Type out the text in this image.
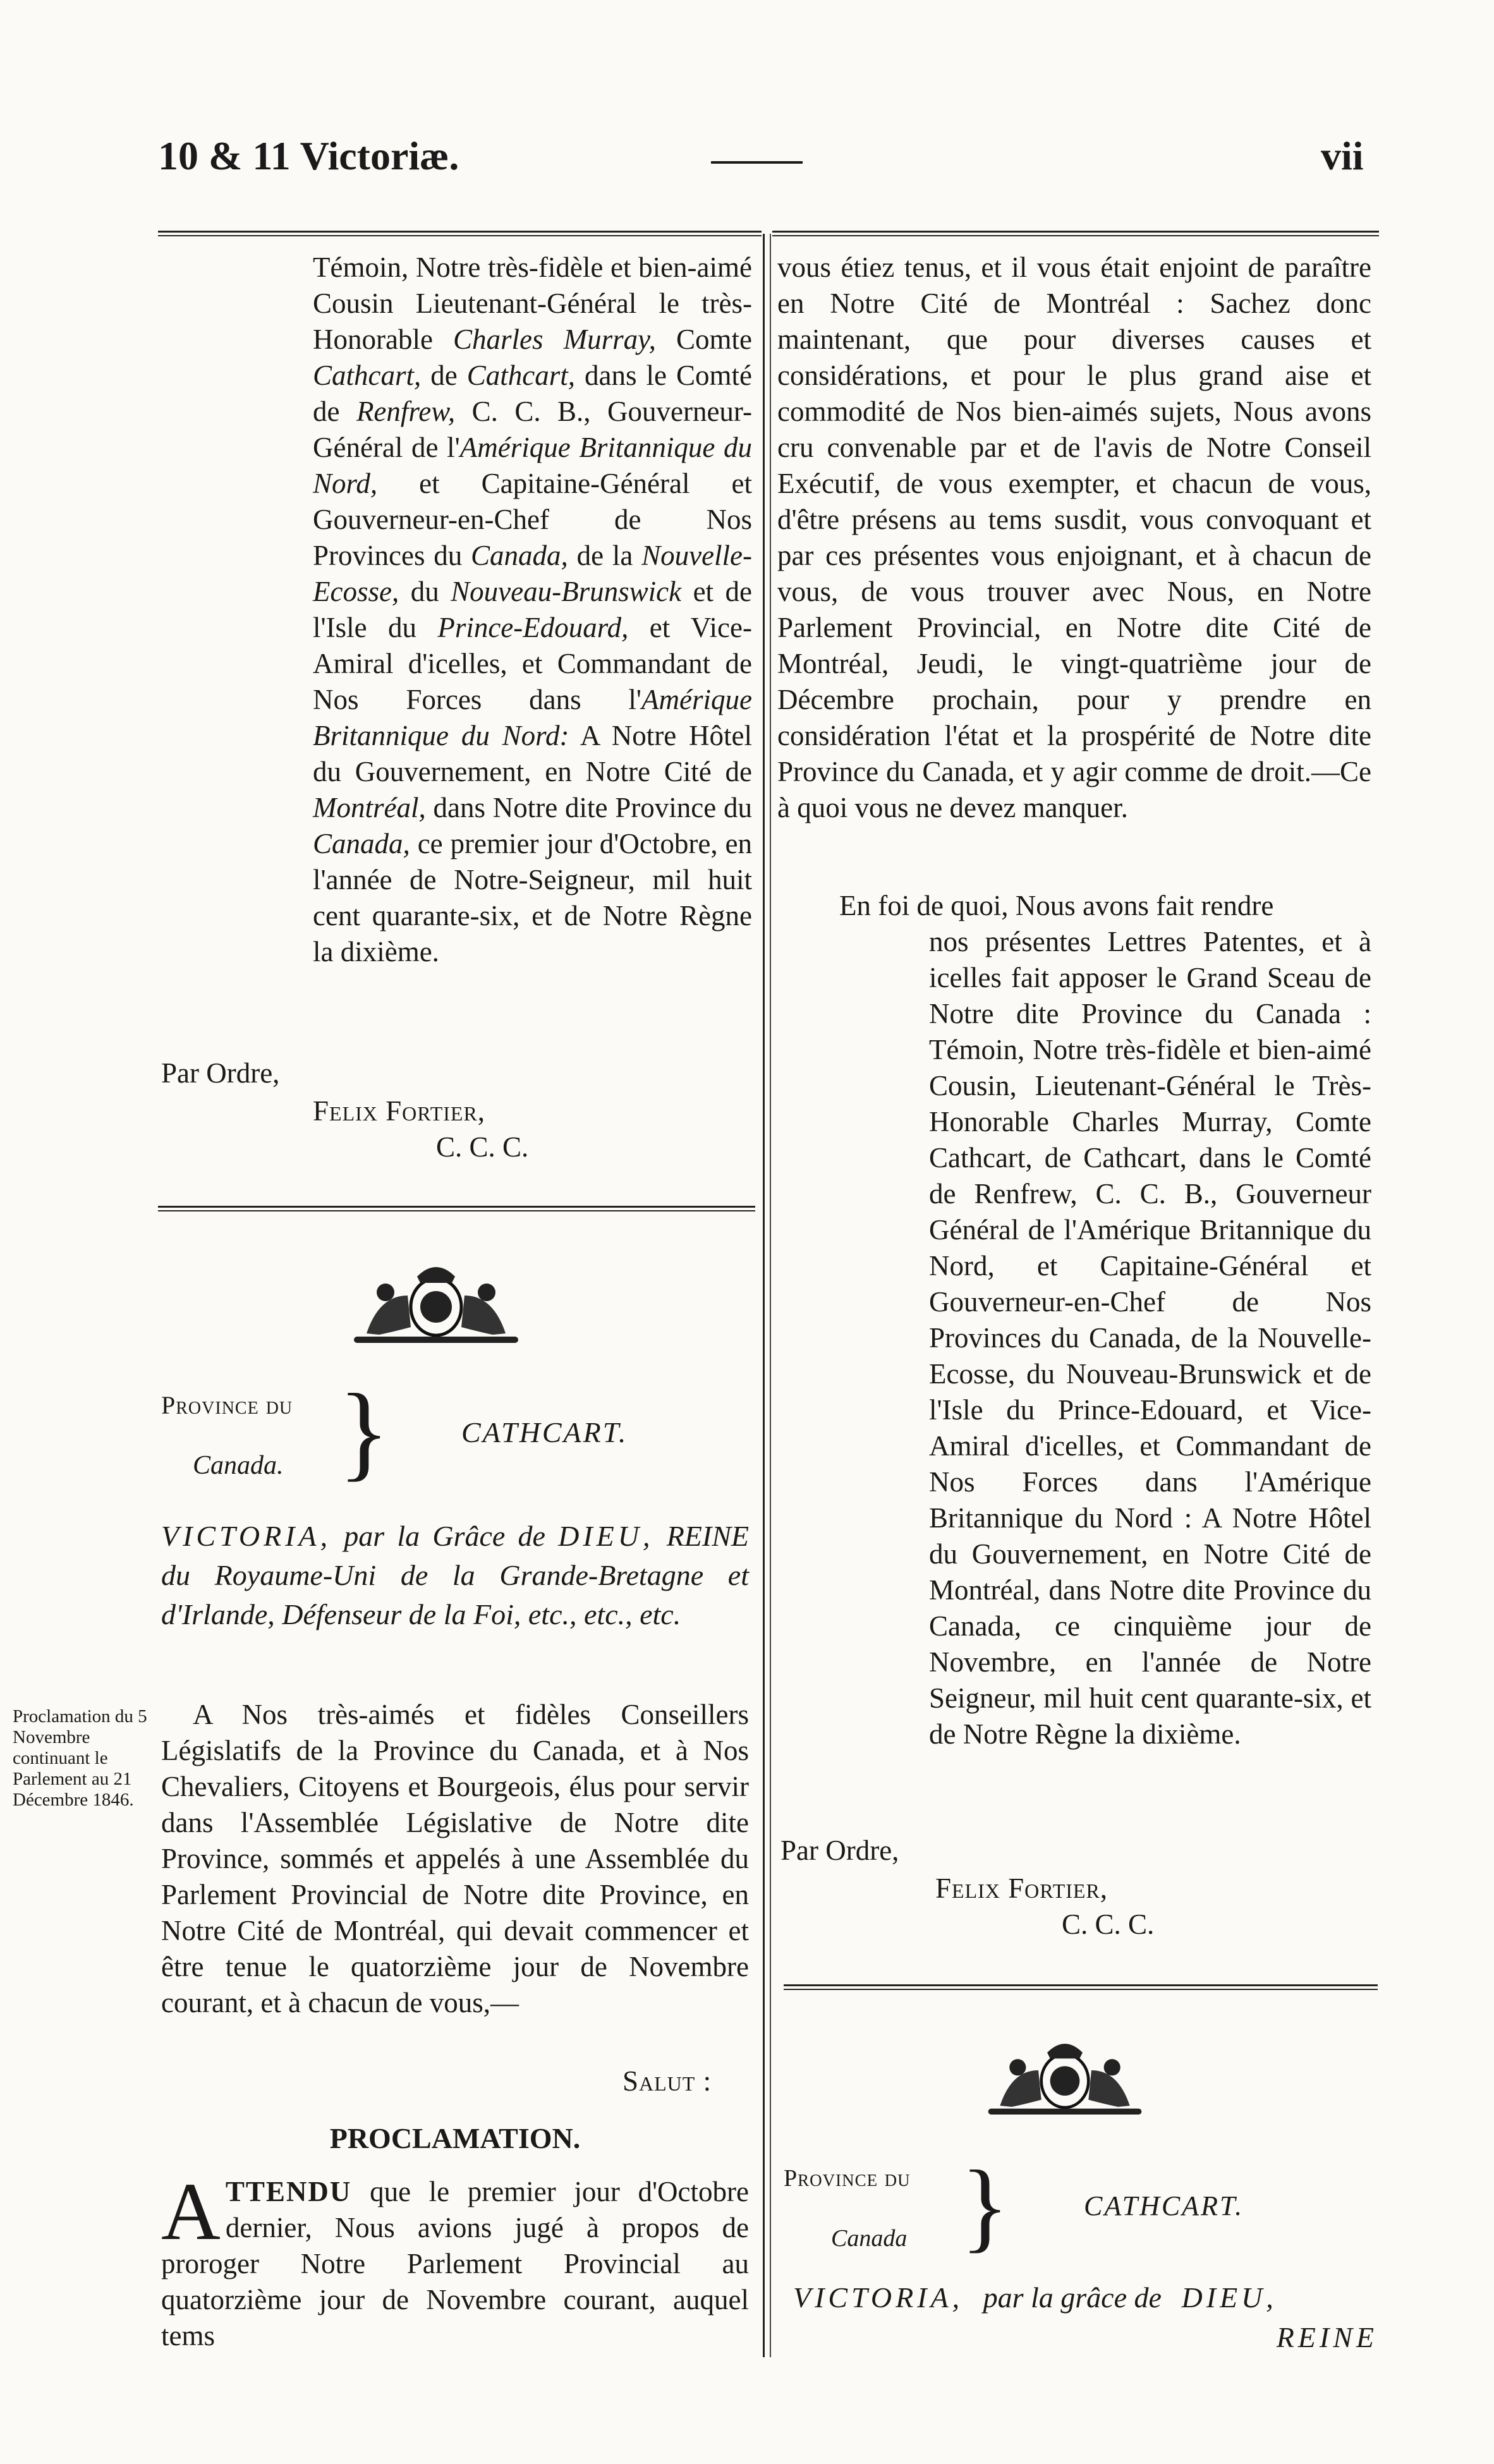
10 & 11 Victoriæ.	vii

Témoin, Notre très-fidèle et bien-aimé Cousin Lieutenant-Général le très-Honorable Charles Murray, Comte Cathcart, de Cathcart, dans le Comté de Renfrew, C. C. B., Gouverneur-Général de l'Amérique Britannique du Nord, et Capitaine-Général et Gouverneur-en-Chef de Nos Provinces du Canada, de la Nouvelle-Ecosse, du Nouveau-Brunswick et de l'Isle du Prince-Edouard, et Vice-Amiral d'icelles, et Commandant de Nos Forces dans l'Amérique Britannique du Nord: A Notre Hôtel du Gouvernement, en Notre Cité de Montréal, dans Notre dite Province du Canada, ce premier jour d'Octobre, en l'année de Notre-Seigneur, mil huit cent quarante-six, et de Notre Règne la dixième.

Par Ordre,
Felix Fortier,
C. C. C.
Province du
Canada. } CATHCART.
VICTORIA, par la Grâce de DIEU, REINE du Royaume-Uni de la Grande-Bretagne et d'Irlande, Défenseur de la Foi, etc., etc., etc.
Proclamation du 5 Novembre continuant le Parlement au 21 Décembre 1846.
A Nos très-aimés et fidèles Conseillers Législatifs de la Province du Canada, et à Nos Chevaliers, Citoyens et Bourgeois, élus pour servir dans l'Assemblée Législative de Notre dite Province, sommés et appelés à une Assemblée du Parlement Provincial de Notre dite Province, en Notre Cité de Montréal, qui devait commencer et être tenue le quatorzième jour de Novembre courant, et à chacun de vous,—
Salut :
PROCLAMATION.
ATTENDU que le premier jour d'Octobre dernier, Nous avions jugé à propos de proroger Notre Parlement Provincial au quatorzième jour de Novembre courant, auquel tems
vous étiez tenus, et il vous était enjoint de paraître en Notre Cité de Montréal : Sachez donc maintenant, que pour diverses causes et considérations, et pour le plus grand aise et commodité de Nos bien-aimés sujets, Nous avons cru convenable par et de l'avis de Notre Conseil Exécutif, de vous exempter, et chacun de vous, d'être présens au tems susdit, vous convoquant et par ces présentes vous enjoignant, et à chacun de vous, de vous trouver avec Nous, en Notre Parlement Provincial, en Notre dite Cité de Montréal, Jeudi, le vingt-quatrième jour de Décembre prochain, pour y prendre en considération l'état et la prospérité de Notre dite Province du Canada, et y agir comme de droit.—Ce à quoi vous ne devez manquer.
En foi de quoi, Nous avons fait rendre
nos présentes Lettres Patentes, et à icelles fait apposer le Grand Sceau de Notre dite Province du Canada : Témoin, Notre très-fidèle et bien-aimé Cousin, Lieutenant-Général le Très-Honorable Charles Murray, Comte Cathcart, de Cathcart, dans le Comté de Renfrew, C. C. B., Gouverneur Général de l'Amérique Britannique du Nord, et Capitaine-Général et Gouverneur-en-Chef de Nos Provinces du Canada, de la Nouvelle-Ecosse, du Nouveau-Brunswick et de l'Isle du Prince-Edouard, et Vice-Amiral d'icelles, et Commandant de Nos Forces dans l'Amérique Britannique du Nord : A Notre Hôtel du Gouvernement, en Notre Cité de Montréal, dans Notre dite Province du Canada, ce cinquième jour de Novembre, en l'année de Notre Seigneur, mil huit cent quarante-six, et de Notre Règne la dixième.
Par Ordre,
Felix Fortier,
C. C. C.
Province du
Canada }	CATHCART.
VICTORIA, par la grâce de DIEU,
REINE
